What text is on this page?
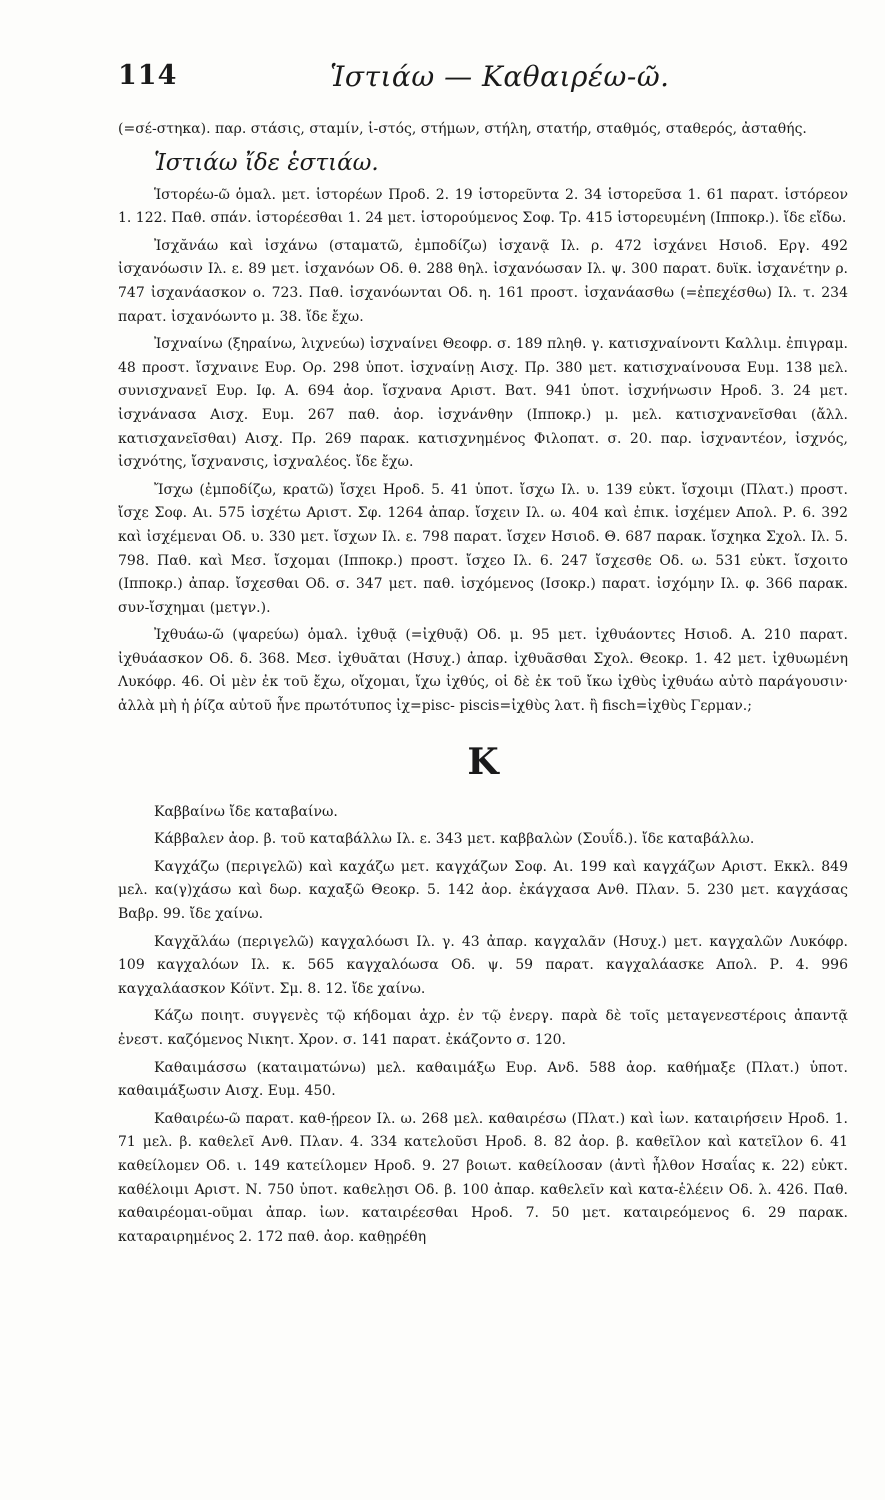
114	Ἱστιάω — Καθαιρέω-ῶ.

(=σέ-στηκα). παρ. στάσις, σταμίν, ἱ-στός, στήμων, στήλη, στατήρ, σταθμός, σταθερός, ἀσταθής.

Ἱστιάω ἴδε ἑστιάω.

Ἱστορέω-ῶ ὁμαλ. μετ. ἱστορέων Προδ. 2. 19 ἱστορεῦντα 2. 34 ἱστορεῦσα 1. 61 παρατ. ἱστόρεον 1. 122. Παθ. σπάν. ἱστορέεσθαι 1. 24 μετ. ἱστορούμενος Σοφ. Τρ. 415 ἱστορευμένη (Ιπποκρ.). ἴδε εἴδω.

Ἰσχᾰνάω καὶ ἰσχάνω (σταματῶ, ἐμποδίζω) ἰσχανᾷ Ιλ. ρ. 472 ἰσχάνει Ησιοδ. Εργ. 492 ἰσχανόωσιν Ιλ. ε. 89 μετ. ἰσχανόων Οδ. θ. 288 θηλ. ἰσχανόωσαν Ιλ. ψ. 300 παρατ. δυϊκ. ἰσχανέτην ρ. 747 ἰσχανάασκον ο. 723. Παθ. ἰσχανόωνται Οδ. η. 161 προστ. ἰσχανάασθω (=ἐπεχέσθω) Ιλ. τ. 234 παρατ. ἰσχανόωντο μ. 38. ἴδε ἔχω.

Ἰσχναίνω (ξηραίνω, λιχνεύω) ἰσχναίνει Θεοφρ. σ. 189 πληθ. γ. κατισχναίνοντι Καλλιμ. ἐπιγραμ. 48 προστ. ἴσχναινε Ευρ. Ορ. 298 ὑποτ. ἰσχναίνῃ Αισχ. Πρ. 380 μετ. κατισχναίνουσα Ευμ. 138 μελ. συνισχνανεῖ Ευρ. Ιφ. Α. 694 ἀορ. ἴσχνανα Αριστ. Βατ. 941 ὑποτ. ἰσχνήνωσιν Ηροδ. 3. 24 μετ. ἰσχνάνασα Αισχ. Ευμ. 267 παθ. ἀορ. ἰσχνάνθην (Ιπποκρ.) μ. μελ. κατισχνανεῖσθαι (ἄλλ. κατισχανεῖσθαι) Αισχ. Πρ. 269 παρακ. κατισχνημένος Φιλοπατ. σ. 20. παρ. ἰσχναντέον, ἰσχνός, ἰσχνότης, ἴσχνανσις, ἰσχναλέος. ἴδε ἔχω.

Ἴσχω (ἐμποδίζω, κρατῶ) ἴσχει Ηροδ. 5. 41 ὑποτ. ἴσχω Ιλ. υ. 139 εὐκτ. ἴσχοιμι (Πλατ.) προστ. ἴσχε Σοφ. Αι. 575 ἰσχέτω Αριστ. Σφ. 1264 ἀπαρ. ἴσχειν Ιλ. ω. 404 καὶ ἐπικ. ἰσχέμεν Απολ. Ρ. 6. 392 καὶ ἰσχέμεναι Οδ. υ. 330 μετ. ἴσχων Ιλ. ε. 798 παρατ. ἴσχεν Ησιοδ. Θ. 687 παρακ. ἴσχηκα Σχολ. Ιλ. 5. 798. Παθ. καὶ Μεσ. ἴσχομαι (Ιπποκρ.) προστ. ἴσχεο Ιλ. 6. 247 ἴσχεσθε Οδ. ω. 531 εὐκτ. ἴσχοιτο (Ιπποκρ.) ἀπαρ. ἴσχεσθαι Οδ. σ. 347 μετ. παθ. ἰσχόμενος (Ισοκρ.) παρατ. ἰσχόμην Ιλ. φ. 366 παρακ. συν-ἴσχημαι (μετγν.).

Ἰχθυάω-ῶ (ψαρεύω) ὁμαλ. ἰχθυᾷ (=ἰχθυᾷ) Οδ. μ. 95 μετ. ἰχθυάοντες Ησιοδ. Α. 210 παρατ. ἰχθυάασκον Οδ. δ. 368. Μεσ. ἰχθυᾶται (Ησυχ.) ἀπαρ. ἰχθυᾶσθαι Σχολ. Θεοκρ. 1. 42 μετ. ἰχθυωμένη Λυκόφρ. 46. Οἱ μὲν ἐκ τοῦ ἔχω, οἴχομαι, ἴχω ἰχθύς, οἱ δὲ ἐκ τοῦ ἴκω ἰχθὺς ἰχθυάω αὐτὸ παράγουσιν· ἀλλὰ μὴ ἡ ῥίζα αὐτοῦ ἦνε πρωτότυπος ἰχ=pisc- piscis=ἰχθὺς λατ. ἢ fisch=ἰχθὺς Γερμαν.;

K

Καββαίνω ἴδε καταβαίνω.

Κάββαλεν ἀορ. β. τοῦ καταβάλλω Ιλ. ε. 343 μετ. καββαλὼν (Σουΐδ.). ἴδε καταβάλλω.

Καγχάζω (περιγελῶ) καὶ καχάζω μετ. καγχάζων Σοφ. Αι. 199 καὶ καγχάζων Αριστ. Εκκλ. 849 μελ. κα(γ)χάσω καὶ δωρ. καχαξῶ Θεοκρ. 5. 142 ἀορ. ἐκάγχασα Ανθ. Πλαν. 5. 230 μετ. καγχάσας Βαβρ. 99. ἴδε χαίνω.

Καγχᾰλάω (περιγελῶ) καγχαλόωσι Ιλ. γ. 43 ἀπαρ. καγχαλᾶν (Ησυχ.) μετ. καγχαλῶν Λυκόφρ. 109 καγχαλόων Ιλ. κ. 565 καγχαλόωσα Οδ. ψ. 59 παρατ. καγχαλάασκε Απολ. Ρ. 4. 996 καγχαλάασκον Κόϊντ. Σμ. 8. 12. ἴδε χαίνω.

Κάζω ποιητ. συγγενὲς τῷ κήδομαι ἀχρ. ἐν τῷ ἐνεργ. παρὰ δὲ τοῖς μεταγενεστέροις ἀπαντᾷ ἐνεστ. καζόμενος Νικητ. Χρον. σ. 141 παρατ. ἐκάζοντο σ. 120.

Καθαιμάσσω (καταιματώνω) μελ. καθαιμάξω Ευρ. Ανδ. 588 ἀορ. καθήμαξε (Πλατ.) ὑποτ. καθαιμάξωσιν Αισχ. Ευμ. 450.

Καθαιρέω-ῶ παρατ. καθ-ῄρεον Ιλ. ω. 268 μελ. καθαιρέσω (Πλατ.) καὶ ἰων. καταιρήσειν Ηροδ. 1. 71 μελ. β. καθελεῖ Ανθ. Πλαν. 4. 334 κατελοῦσι Ηροδ. 8. 82 ἀορ. β. καθεῖλον καὶ κατεῖλον 6. 41 καθείλομεν Οδ. ι. 149 κατείλομεν Ηροδ. 9. 27 βοιωτ. καθείλοσαν (ἀντὶ ἦλθον Ησαΐας κ. 22) εὐκτ. καθέλοιμι Αριστ. Ν. 750 ὑποτ. καθελῃσι Οδ. β. 100 ἀπαρ. καθελεῖν καὶ κατα-ἑλέειν Οδ. λ. 426. Παθ. καθαιρέομαι-οῦμαι ἀπαρ. ἰων. καταιρέεσθαι Ηροδ. 7. 50 μετ. καταιρεόμενος 6. 29 παρακ. καταραιρημένος 2. 172 παθ. ἀορ. καθῃρέθη
